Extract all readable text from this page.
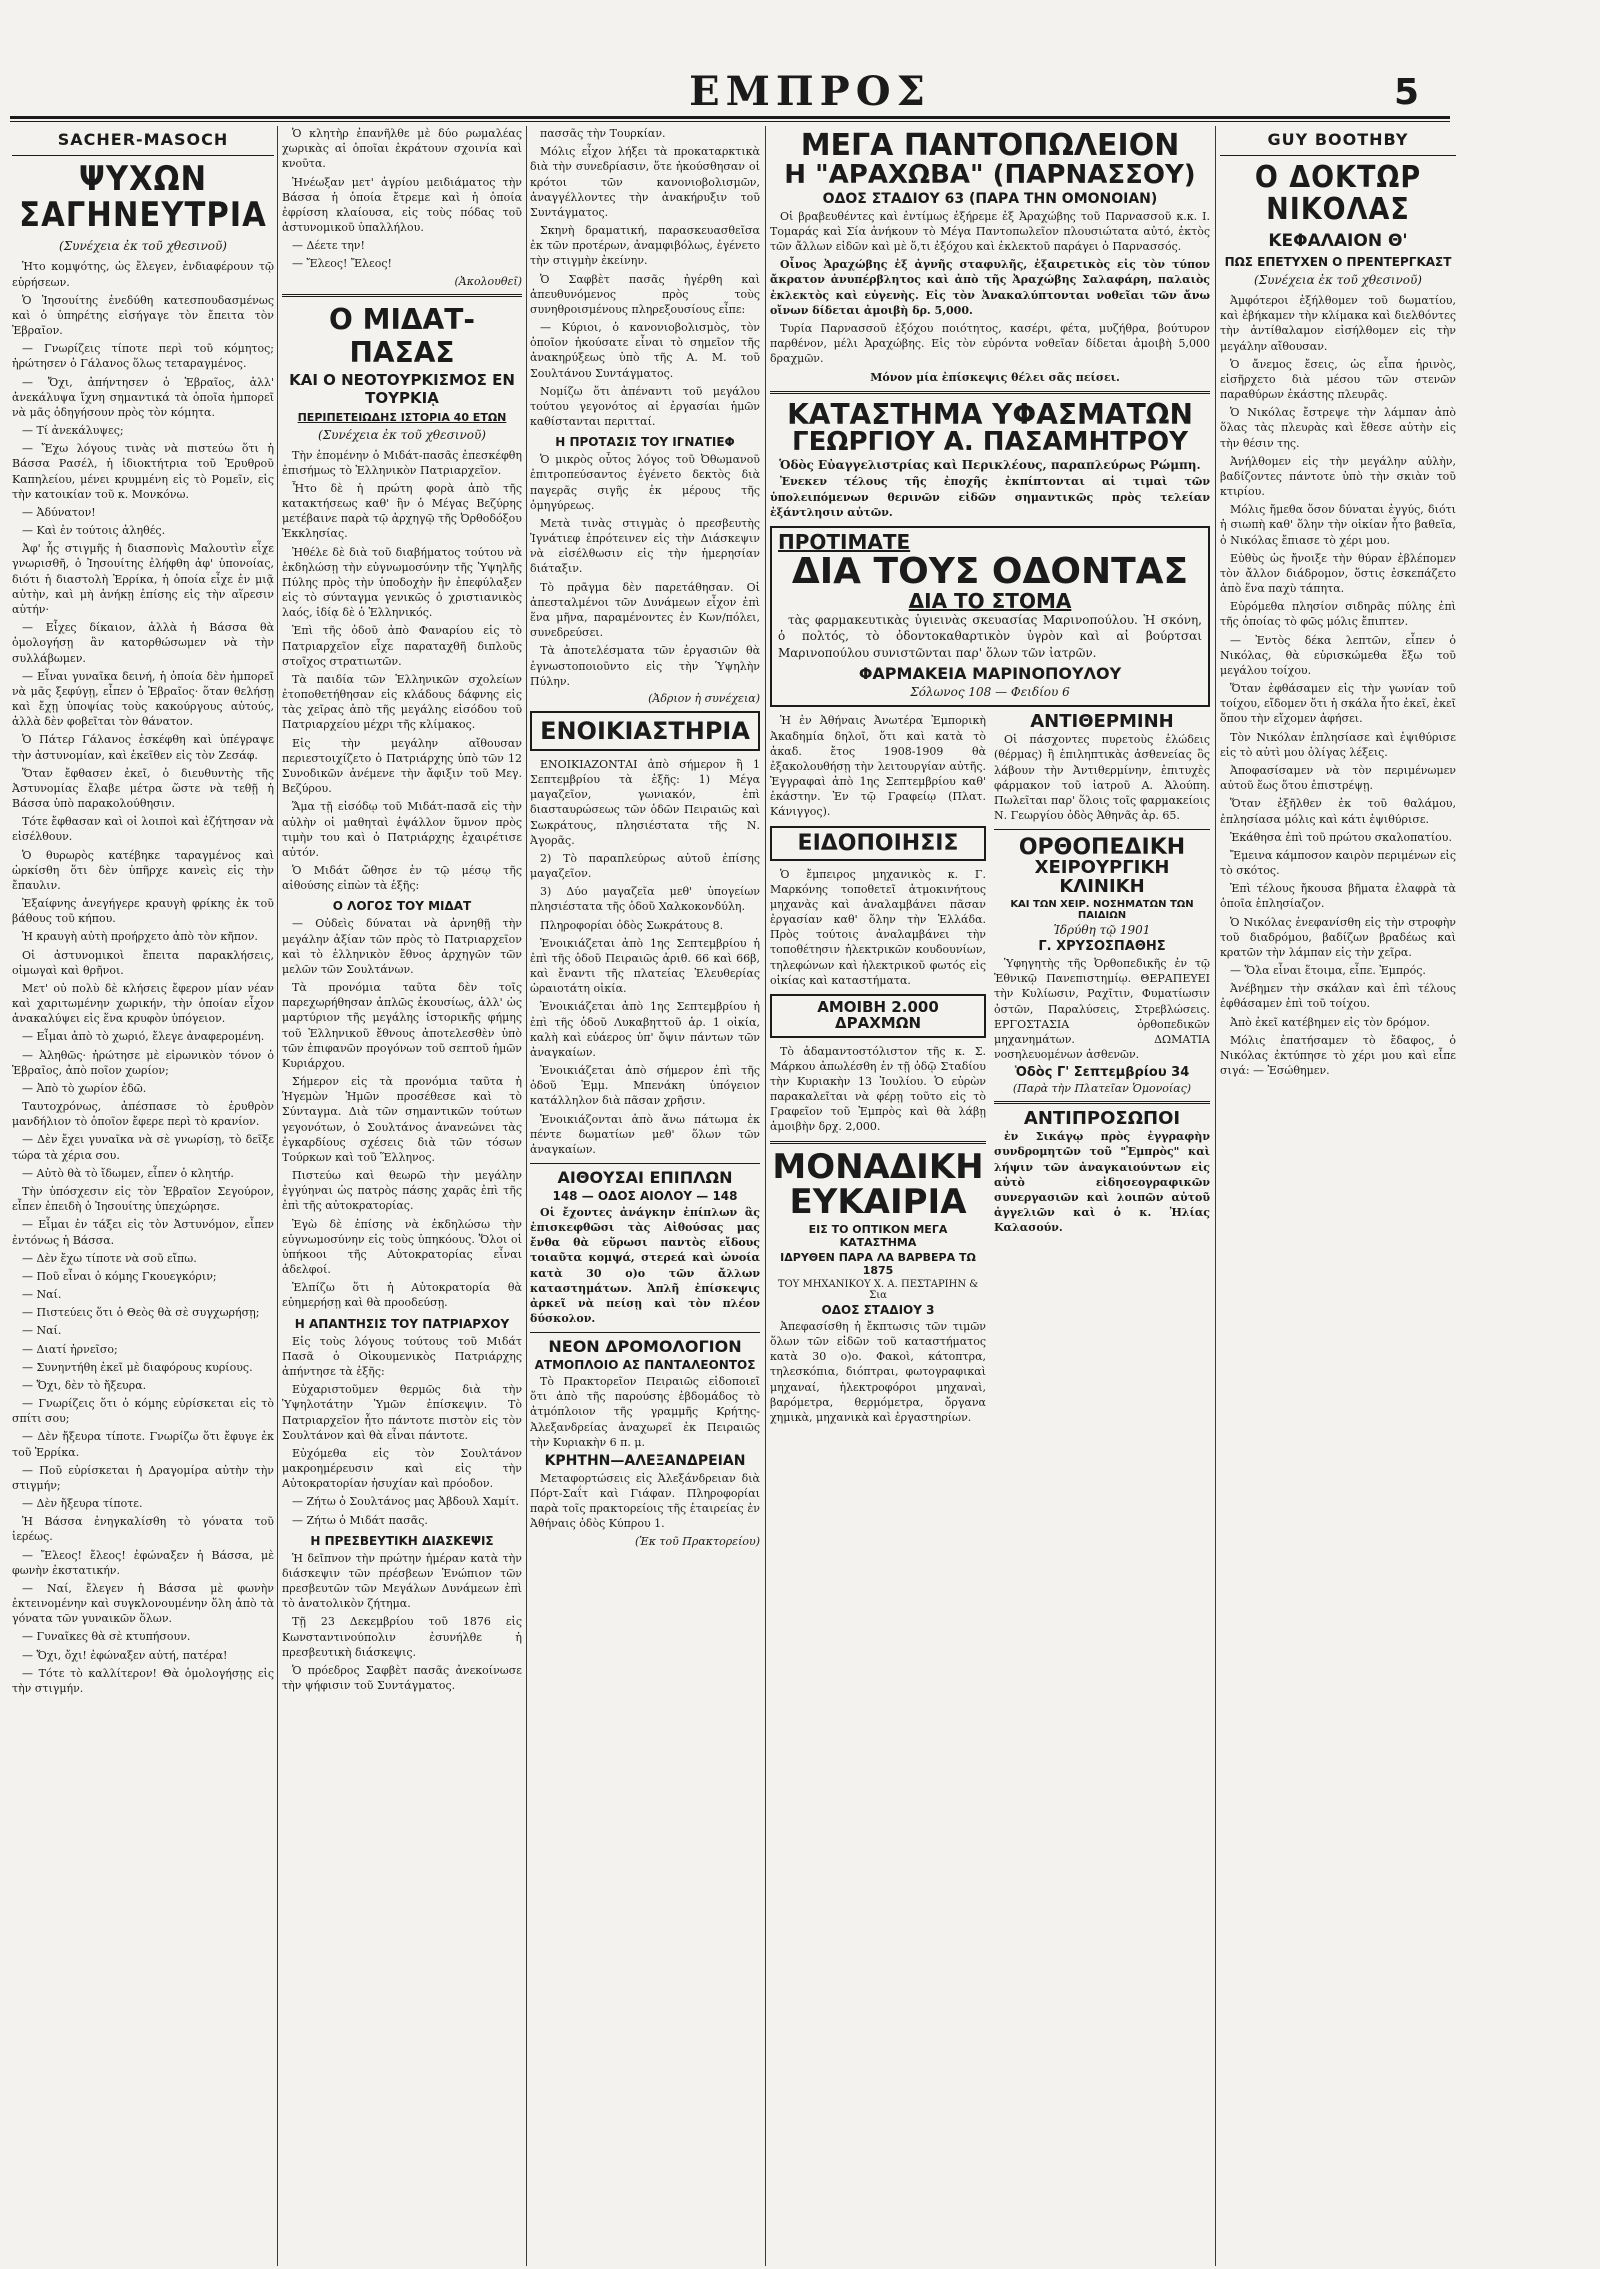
ΕΜΠΡΟΣ	5
SACHER-MASOCH
ΨΥΧΩΝ ΣΑΓΗΝΕΥΤΡΙΑ
(Συνέχεια ἐκ τοῦ χθεσινοῦ)

Ἡτο κομψότης, ὡς ἔλεγεν, ἐνδιαφέρουν τῷ εὑρήσεων.

Ὁ Ἰησουίτης ἐνεδύθη κατεσπουδασμένως καὶ ὁ ὑπηρέτης εἰσήγαγε τὸν ἔπειτα τὸν Ἐβραῖον.

— Γνωρίζεις τίποτε περὶ τοῦ κόμητος; ἠρώτησεν ὁ Γάλανος ὅλως τεταραγμένος.

— Ὄχι, ἀπήντησεν ὁ Ἑβραῖος, ἀλλ' ἀνεκάλυψα ἴχνη σημαντικά τὰ ὁποῖα ἠμπορεῖ νὰ μᾶς ὁδηγήσουν πρὸς τὸν κόμητα.

— Τί ἀνεκάλυψες;

— Ἔχω λόγους τινὰς νὰ πιστεύω ὅτι ἡ Βάσσα Ρασέλ, ἡ ἰδιοκτήτρια τοῦ Ἐρυθροῦ Καπηλείου, μένει κρυμμένη εἰς τὸ Ρομεῖν, εἰς τὴν κατοικίαν τοῦ κ. Μονκόνω.

— Ἀδύνατον!

— Καὶ ἐν τούτοις ἀληθές.

Ἀφ' ἧς στιγμῆς ἡ διασπονὶς Μαλουτὶν εἶχε γνωρισθῆ, ὁ Ἰησουίτης ἐλήφθη ἀφ' ὑπονοίας, διότι ἡ διαστολὴ Ἐρρίκα, ἡ ὁποία εἶχε ἐν μιᾷ αὐτὴν, καὶ μὴ ἀνήκῃ ἐπίσης εἰς τὴν αἵρεσιν αὐτήν·

— Εἶχες δίκαιον, ἀλλὰ ἡ Βάσσα θὰ ὁμολογήσῃ ἂν κατορθώσωμεν νὰ τὴν συλλάβωμεν.

— Εἶναι γυναῖκα δεινή, ἡ ὁποία δὲν ἠμπορεῖ νὰ μᾶς ξεφύγῃ, εἶπεν ὁ Ἑβραῖος· ὅταν θελήσῃ καὶ ἔχῃ ὑποψίας τοὺς κακούργους αὐτούς, ἀλλὰ δὲν φοβεῖται τὸν θάνατον.

Ὁ Πάτερ Γάλανος ἐσκέφθη καὶ ὑπέγραψε τὴν ἀστυνομίαν, καὶ ἐκεῖθεν εἰς τὸν Ζεσάφ.

Ὅταν ἔφθασεν ἐκεῖ, ὁ διευθυντὴς τῆς Ἀστυνομίας ἔλαβε μέτρα ὥστε νὰ τεθῇ ἡ Βάσσα ὑπὸ παρακολούθησιν.

Τότε ἔφθασαν καὶ οἱ λοιποὶ καὶ ἐζήτησαν νὰ εἰσέλθουν.

Ὁ θυρωρὸς κατέβηκε ταραγμένος καὶ ὡρκίσθη ὅτι δὲν ὑπῆρχε κανεὶς εἰς τὴν ἔπαυλιν.

Ἐξαίφνης ἀνεγήγερε κραυγὴ φρίκης ἐκ τοῦ βάθους τοῦ κήπου.

Ἡ κραυγὴ αὐτὴ προήρχετο ἀπὸ τὸν κῆπον.

Οἱ ἀστυνομικοὶ ἔπειτα παρακλήσεις, οἰμωγαὶ καὶ θρῆνοι.

Μετ' οὐ πολὺ δὲ κλήσεις ἔφερον μίαν νέαν καὶ χαριτωμένην χωρικήν, τὴν ὁποίαν εἶχον ἀνακαλύψει εἰς ἕνα κρυφὸν ὑπόγειον.

— Εἶμαι ἀπὸ τὸ χωριό, ἔλεγε ἀναφερομένη.

— Ἀληθῶς· ἠρώτησε μὲ εἰρωνικὸν τόνον ὁ Ἑβραῖος, ἀπὸ ποῖον χωρίον;

— Ἀπὸ τὸ χωρίον ἐδῶ.

Ταυτοχρόνως, ἀπέσπασε τὸ ἐρυθρὸν μανδήλιον τὸ ὁποῖον ἔφερε περὶ τὸ κρανίον.

— Δὲν ἔχει γυναῖκα νὰ σὲ γνωρίσῃ, τὸ δεῖξε τώρα τὰ χέρια σου.

— Αὐτὸ θὰ τὸ ἴδωμεν, εἶπεν ὁ κλητήρ.

Τὴν ὑπόσχεσιν εἰς τὸν Ἐβραῖον Σεγούρον, εἶπεν ἐπειδὴ ὁ Ἰησουίτης ὑπεχώρησε.

— Εἶμαι ἐν τάξει εἰς τὸν Ἀστυνόμον, εἶπεν ἐντόνως ἡ Βάσσα.

— Δὲν ἔχω τίποτε νὰ σοῦ εἴπω.

— Ποῦ εἶναι ὁ κόμης Γκουεγκόριν;

— Ναί.

— Πιστεύεις ὅτι ὁ Θεὸς θὰ σὲ συγχωρήσῃ;

— Ναί.

— Διατί ἠρνεῖσο;

— Συνηντήθη ἐκεῖ μὲ διαφόρους κυρίους.

— Ὄχι, δὲν τὸ ἤξευρα.

— Γνωρίζεις ὅτι ὁ κόμης εὑρίσκεται εἰς τὸ σπίτι σου;

— Δὲν ἤξευρα τίποτε. Γνωρίζω ὅτι ἔφυγε ἐκ τοῦ Ἑρρίκα.

— Ποῦ εὑρίσκεται ἡ Δραγομίρα αὐτὴν τὴν στιγμήν;

— Δὲν ἤξευρα τίποτε.

Ἡ Βάσσα ἐνηγκαλίσθη τὸ γόνατα τοῦ ἱερέως.

— Ἔλεος! ἔλεος! ἐφώναξεν ἡ Βάσσα, μὲ φωνὴν ἐκστατικήν.

— Ναί, ἔλεγεν ἡ Βάσσα μὲ φωνὴν ἐκτεινομένην καὶ συγκλονουμένην ὅλη ἀπὸ τὰ γόνατα τῶν γυναικῶν ὅλων.

— Γυναῖκες θὰ σὲ κτυπήσουν.

— Ὄχι, ὄχι! ἐφώναξεν αὐτή, πατέρα!

— Τότε τὸ καλλίτερον! Θὰ ὁμολογήσῃς εἰς τὴν στιγμήν.

Ὁ κλητὴρ ἐπανῆλθε μὲ δύο ρωμαλέας χωρικὰς αἱ ὁποῖαι ἐκράτουν σχοινία καὶ κνοῦτα.

Ἠνέωξαν μετ' ἀγρίου μειδιάματος τὴν Βάσσα ἡ ὁποία ἔτρεμε καὶ ἡ ὁποία ἐφρίσση κλαίουσα, εἰς τοὺς πόδας τοῦ ἀστυνομικοῦ ὑπαλλήλου.

— Δέετε την!

— Ἔλεος! Ἔλεος!

(Ἀκολουθεῖ)
Ο ΜΙΔΑΤ-ΠΑΣΑΣ
ΚΑΙ Ο ΝΕΟΤΟΥΡΚΙΣΜΟΣ ΕΝ ΤΟΥΡΚΙᾼ
ΠΕΡΙΠΕΤΕΙΩΔΗΣ ΙΣΤΟΡΙΑ 40 ΕΤΩΝ
(Συνέχεια ἐκ τοῦ χθεσινοῦ)

Τὴν ἑπομένην ὁ Μιδάτ-πασᾶς ἐπεσκέφθη ἐπισήμως τὸ Ἑλληνικὸν Πατριαρχεῖον.

Ἦτο δὲ ἡ πρώτη φορὰ ἀπὸ τῆς κατακτήσεως καθ' ἣν ὁ Μέγας Βεζύρης μετέβαινε παρὰ τῷ ἀρχηγῷ τῆς Ὀρθοδόξου Ἐκκλησίας.

Ἠθέλε δὲ διὰ τοῦ διαβήματος τούτου νὰ ἐκδηλώσῃ τὴν εὐγνωμοσύνην τῆς Ὑψηλῆς Πύλης πρὸς τὴν ὑποδοχὴν ἣν ἐπεφύλαξεν εἰς τὸ σύνταγμα γενικῶς ὁ χριστιανικὸς λαός, ἰδίᾳ δὲ ὁ Ἑλληνικός.

Ἐπὶ τῆς ὁδοῦ ἀπὸ Φαναρίου εἰς τὸ Πατριαρχεῖον εἶχε παραταχθῆ διπλοῦς στοῖχος στρατιωτῶν.

Τὰ παιδία τῶν Ἑλληνικῶν σχολείων ἐτοποθετήθησαν εἰς κλάδους δάφνης εἰς τὰς χεῖρας ἀπὸ τῆς μεγάλης εἰσόδου τοῦ Πατριαρχείου μέχρι τῆς κλίμακος.

Εἰς τὴν μεγάλην αἴθουσαν περιεστοιχίζετο ὁ Πατριάρχης ὑπὸ τῶν 12 Συνοδικῶν ἀνέμενε τὴν ἄφιξιν τοῦ Μεγ. Βεζύρου.

Ἅμα τῇ εἰσόδῳ τοῦ Μιδάτ-πασᾶ εἰς τὴν αὐλὴν οἱ μαθηταὶ ἐψάλλον ὕμνον πρὸς τιμὴν του καὶ ὁ Πατριάρχης ἐχαιρέτισε αὐτόν.

Ὁ Μιδάτ ὤθησε ἐν τῷ μέσῳ τῆς αἰθούσης εἰπὼν τὰ ἑξῆς:

Ο ΛΟΓΟΣ ΤΟΥ ΜΙΔΑΤ

— Οὐδεὶς δύναται νὰ ἀρνηθῇ τὴν μεγάλην ἀξίαν τῶν πρὸς τὸ Πατριαρχεῖον καὶ τὸ ἑλληνικὸν ἔθνος ἀρχηγῶν τῶν μελῶν τῶν Σουλτάνων.

Τὰ προνόμια ταῦτα δὲν τοῖς παρεχωρήθησαν ἁπλῶς ἐκουσίως, ἀλλ' ὡς μαρτύριον τῆς μεγάλης ἱστορικῆς φήμης τοῦ Ἑλληνικοῦ ἔθνους ἀποτελεσθὲν ὑπὸ τῶν ἐπιφανῶν προγόνων τοῦ σεπτοῦ ἡμῶν Κυριάρχου.

Σήμερον εἰς τὰ προνόμια ταῦτα ἡ Ἡγεμὼν Ἡμῶν προσέθεσε καὶ τὸ Σύνταγμα. Διὰ τῶν σημαντικῶν τούτων γεγονότων, ὁ Σουλτάνος ἀνανεώνει τὰς ἐγκαρδίους σχέσεις διὰ τῶν τόσων Τούρκων καὶ τοῦ Ἕλληνος.

Πιστεύω καὶ θεωρῶ τὴν μεγάλην ἐγγύηναι ὡς πατρὸς πάσης χαρᾶς ἐπὶ τῆς ἐπὶ τῆς αὐτοκρατορίας.

Ἐγὼ δὲ ἐπίσης νὰ ἐκδηλώσω τὴν εὐγνωμοσύνην εἰς τοὺς ὑπηκόους. Ὅλοι οἱ ὑπήκοοι τῆς Αὐτοκρατορίας εἶναι ἀδελφοί.

Ἐλπίζω ὅτι ἡ Αὐτοκρατορία θὰ εὐημερήσῃ καὶ θὰ προοδεύσῃ.

Η ΑΠΑΝΤΗΣΙΣ ΤΟΥ ΠΑΤΡΙΑΡΧΟΥ

Εἰς τοὺς λόγους τούτους τοῦ Μιδάτ Πασᾶ ὁ Οἰκουμενικὸς Πατριάρχης ἀπήντησε τὰ ἑξῆς:

Εὐχαριστοῦμεν θερμῶς διὰ τὴν Ὑψηλοτάτην Ὑμῶν ἐπίσκεψιν. Τὸ Πατριαρχεῖον ἦτο πάντοτε πιστὸν εἰς τὸν Σουλτάνον καὶ θὰ εἶναι πάντοτε.

Εὐχόμεθα εἰς τὸν Σουλτάνον μακροημέρευσιν καὶ εἰς τὴν Αὐτοκρατορίαν ἡσυχίαν καὶ πρόοδον.

— Ζήτω ὁ Σουλτάνος μας Ἀβδουλ Χαμίτ.

— Ζήτω ὁ Μιδάτ πασᾶς.

Η ΠΡΕΣΒΕΥΤΙΚΗ ΔΙΑΣΚΕΨΙΣ

Ἡ δεῖπνον τὴν πρώτην ἡμέραν κατὰ τὴν διάσκεψιν τῶν πρέσβεων Ἐνώπιον τῶν πρεσβευτῶν τῶν Μεγάλων Δυνάμεων ἐπὶ τὸ ἀνατολικὸν ζήτημα.

Τῇ 23 Δεκεμβρίου τοῦ 1876 εἰς Κωνσταντινούπολιν ἐσυνήλθε ἡ πρεσβευτικὴ διάσκεψις.

Ὁ πρόεδρος Σαφβὲτ πασᾶς ἀνεκοίνωσε τὴν ψήφισιν τοῦ Συντάγματος.

πασσᾶς τὴν Τουρκίαν.

Μόλις εἶχον λήξει τὰ προκαταρκτικὰ διὰ τὴν συνεδρίασιν, ὅτε ἠκούσθησαν οἱ κρότοι τῶν κανονιοβολισμῶν, ἀναγγέλλοντες τὴν ἀνακήρυξιν τοῦ Συντάγματος.

Σκηνὴ δραματική, παρασκευασθεῖσα ἐκ τῶν προτέρων, ἀναμφιβόλως, ἐγένετο τὴν στιγμὴν ἐκείνην.

Ὁ Σαφβὲτ πασᾶς ἠγέρθη καὶ ἀπευθυνόμενος πρὸς τοὺς συνηθροισμένους πληρεξουσίους εἶπε:

— Κύριοι, ὁ κανονιοβολισμὸς, τὸν ὁποῖον ἠκούσατε εἶναι τὸ σημεῖον τῆς ἀνακηρύξεως ὑπὸ τῆς Α. Μ. τοῦ Σουλτάνου Συντάγματος.

Νομίζω ὅτι ἀπέναντι τοῦ μεγάλου τούτου γεγονότος αἱ ἐργασίαι ἡμῶν καθίστανται περιτταί.

Η ΠΡΟΤΑΣΙΣ ΤΟΥ ΙΓΝΑΤΙΕΦ

Ὁ μικρὸς οὗτος λόγος τοῦ Ὀθωμανοῦ ἐπιτροπεύσαντος ἐγένετο δεκτὸς διὰ παγερᾶς σιγῆς ἐκ μέρους τῆς ὁμηγύρεως.

Μετὰ τινὰς στιγμὰς ὁ πρεσβευτὴς Ἰγνάτιεφ ἐπρότεινεν εἰς τὴν Διάσκεψιν νὰ εἰσέλθωσιν εἰς τὴν ἡμερησίαν διάταξιν.

Τὸ πρᾶγμα δὲν παρετάθησαν. Οἱ ἀπεσταλμένοι τῶν Δυνάμεων εἶχον ἐπὶ ἕνα μῆνα, παραμένοντες ἐν Κων/πόλει, συνεδρεύσει.

Τὰ ἀποτελέσματα τῶν ἐργασιῶν θὰ ἐγνωστοποιοῦντο εἰς τὴν Ὑψηλὴν Πύλην.

(Ἀδριον ἡ συνέχεια)
ΕΝΟΙΚΙΑΣΤΗΡΙΑ

ΕΝΟΙΚΙΑΖΟΝΤΑΙ ἀπὸ σήμερον ἢ 1 Σεπτεμβρίου τὰ ἑξῆς: 1) Μέγα μαγαζεῖον, γωνιακόν, ἐπὶ διασταυρώσεως τῶν ὁδῶν Πειραιῶς καὶ Σωκράτους, πλησιέστατα τῆς Ν. Ἀγορᾶς.

2) Τὸ παραπλεύρως αὐτοῦ ἐπίσης μαγαζεῖον.

3) Δύο μαγαζεῖα μεθ' ὑπογείων πλησιέστατα τῆς ὁδοῦ Χαλκοκονδύλη.

Πληροφορίαι ὁδὸς Σωκράτους 8.

Ἐνοικιάζεται ἀπὸ 1ης Σεπτεμβρίου ἡ ἐπὶ τῆς ὁδοῦ Πειραιῶς ἀριθ. 66 καὶ 66β, καὶ ἔναντι τῆς πλατείας Ἐλευθερίας ὡραιοτάτη οἰκία.

Ἐνοικιάζεται ἀπὸ 1ης Σεπτεμβρίου ἡ ἐπὶ τῆς ὁδοῦ Λυκαβηττοῦ ἀρ. 1 οἰκία, καλὴ καὶ εὐάερος ὑπ' ὄψιν πάντων τῶν ἀναγκαίων.

Ἐνοικιάζεται ἀπὸ σήμερον ἐπὶ τῆς ὁδοῦ Ἐμμ. Μπενάκη ὑπόγειον κατάλληλον διὰ πᾶσαν χρῆσιν.

Ἐνοικιάζονται ἀπὸ ἄνω πάτωμα ἐκ πέντε δωματίων μεθ' ὅλων τῶν ἀναγκαίων.

ΑΙΘΟΥΣΑΙ ΕΠΙΠΛΩΝ
148 — ΟΔΟΣ ΑΙΟΛΟΥ — 148

Οἱ ἔχοντες ἀνάγκην ἐπίπλων ἃς ἐπισκεφθῶσι τὰς Αἰθούσας μας ἔνθα θὰ εὕρωσι παντὸς εἴδους τοιαῦτα κομψά, στερεά καὶ ὠνοία κατὰ 30 ο)ο τῶν ἄλλων καταστημάτων. Ἀπλῆ ἐπίσκεψις ἀρκεῖ νὰ πείσῃ καὶ τὸν πλέον δύσκολον.

ΝΕΟΝ ΔΡΟΜΟΛΟΓΙΟΝ
ΑΤΜΟΠΛΟΙΟ ΑΣ ΠΑΝΤΑΛΕΟΝΤΟΣ

Τὸ Πρακτορεῖον Πειραιῶς εἰδοποιεῖ ὅτι ἀπὸ τῆς παρούσης ἑβδομάδος τὸ ἀτμόπλοιον τῆς γραμμῆς Κρήτης-Ἀλεξανδρείας ἀναχωρεῖ ἐκ Πειραιῶς τὴν Κυριακὴν 6 π. μ.

ΚΡΗΤΗΝ—ΑΛΕΞΑΝΔΡΕΙΑΝ

Μεταφορτώσεις εἰς Ἀλεξάνδρειαν διὰ Πόρτ-Σαΐτ καὶ Γιάφαν. Πληροφορίαι παρὰ τοῖς πρακτορείοις τῆς ἑταιρείας ἐν Ἀθήναις ὁδὸς Κύπρου 1.

(Ἐκ τοῦ Πρακτορείου)
ΜΕΓΑ ΠΑΝΤΟΠΩΛΕΙΟΝ
Η "ΑΡΑΧΩΒΑ" (ΠΑΡΝΑΣΣΟΥ)
ΟΔΟΣ ΣΤΑΔΙΟΥ 63 (ΠΑΡΑ ΤΗΝ ΟΜΟΝΟΙΑΝ)

Οἱ βραβευθέντες καὶ ἐντίμως ἐξήρεμε ἐξ Ἀραχώβης τοῦ Παρνασσοῦ κ.κ. Ι. Τομαράς καὶ Σία ἀνήκουν τὸ Μέγα Παντοπωλεῖον πλουσιώτατα αὐτό, ἐκτὸς τῶν ἄλλων εἰδῶν καὶ μὲ ὅ,τι ἐξόχου καὶ ἐκλεκτοῦ παράγει ὁ Παρνασσός.

Οἶνος Ἀραχώβης ἐξ ἀγνῆς σταφυλῆς, ἐξαιρετικὸς εἰς τὸν τύπον ἄκρατον ἀνυπέρβλητος καὶ ἀπὸ τῆς Ἀραχώβης Σαλαφάρη, παλαιὸς ἐκλεκτὸς καὶ εὐγενὴς. Εἰς τὸν Ἀνακαλύπτονται νοθεῖαι τῶν ἄνω οἴνων δίδεται ἀμοιβὴ δρ. 5,000.

Τυρία Παρνασσοῦ ἐξόχου ποιότητος, κασέρι, φέτα, μυζήθρα, βούτυρον παρθένον, μέλι Ἀραχώβης. Εἰς τὸν εὑρόντα νοθεῖαν δίδεται ἀμοιβὴ 5,000 δραχμῶν.

Μόνον μία ἐπίσκεψις θέλει σᾶς πείσει.

ΚΑΤΑΣΤΗΜΑ ΥΦΑΣΜΑΤΩΝ
ΓΕΩΡΓΙΟΥ Α. ΠΑΣΑΜΗΤΡΟΥ
Ὁδὸς Εὐαγγελιστρίας καὶ Περικλέους, παραπλεύρως Ρώμπη.

Ἐνεκεν τέλους τῆς ἐποχῆς ἐκπίπτονται αἱ τιμαὶ τῶν ὑπολειπόμενων θερινῶν εἰδῶν σημαντικῶς πρὸς τελείαν ἐξάντλησιν αὐτῶν.

ΠΡΟΤΙΜΑΤΕ
ΔΙΑ ΤΟΥΣ ΟΔΟΝΤΑΣ
ΔΙΑ ΤΟ ΣΤΟΜΑ

τὰς φαρμακευτικὰς ὑγιεινὰς σκευασίας Μαρινοπούλου. Ἡ σκόνη, ὁ πολτός, τὸ ὀδοντοκαθαρτικὸν ὑγρὸν καὶ αἱ βούρτσαι Μαρινοπούλου συνιστῶνται παρ' ὅλων τῶν ἰατρῶν.

ΦΑΡΜΑΚΕΙΑ ΜΑΡΙΝΟΠΟΥΛΟΥ
Σόλωνος 108 — Φειδίου 6

Ἡ ἐν Ἀθήναις Ἀνωτέρα Ἐμπορικὴ Ἀκαδημία δηλοῖ, ὅτι καὶ κατὰ τὸ ἀκαδ. ἔτος 1908-1909 θὰ ἐξακολουθήσῃ τὴν λειτουργίαν αὐτῆς. Ἐγγραφαὶ ἀπὸ 1ης Σεπτεμβρίου καθ' ἑκάστην. Ἐν τῷ Γραφείῳ (Πλατ. Κάνιγγος).

ΕΙΔΟΠΟΙΗΣΙΣ

Ὁ ἔμπειρος μηχανικὸς κ. Γ. Μαρκόνης τοποθετεῖ ἀτμοκινήτους μηχανὰς καὶ ἀναλαμβάνει πᾶσαν ἐργασίαν καθ' ὅλην τὴν Ἑλλάδα. Πρὸς τούτοις ἀναλαμβάνει τὴν τοποθέτησιν ἠλεκτρικῶν κουδουνίων, τηλεφώνων καὶ ἠλεκτρικοῦ φωτός εἰς οἰκίας καὶ καταστήματα.

ΑΜΟΙΒΗ 2.000 ΔΡΑΧΜΩΝ

Τὸ ἀδαμαντοστόλιστον τῆς κ. Σ. Μάρκου ἀπωλέσθη ἐν τῇ ὁδῷ Σταδίου τὴν Κυριακὴν 13 Ἰουλίου. Ὁ εὑρὼν παρακαλεῖται νὰ φέρῃ τοῦτο εἰς τὸ Γραφεῖον τοῦ Ἐμπρὸς καὶ θὰ λάβῃ ἀμοιβὴν δρχ. 2,000.

ΜΟΝΑΔΙΚΗ
ΕΥΚΑΙΡΙΑ
ΕΙΣ ΤΟ ΟΠΤΙΚΟΝ ΜΕΓΑ ΚΑΤΑΣΤΗΜΑ
ΙΔΡΥΘΕΝ ΠΑΡΑ ΛΑ ΒΑΡΒΕΡΑ ΤΩ 1875
ΤΟΥ ΜΗΧΑΝΙΚΟΥ Χ. Α. ΠΕΣΤΑΡΙΗΝ & Σια
ΟΔΟΣ ΣΤΑΔΙΟΥ 3

Ἀπεφασίσθη ἡ ἔκπτωσις τῶν τιμῶν ὅλων τῶν εἰδῶν τοῦ καταστήματος κατὰ 30 ο)ο. Φακοὶ, κάτοπτρα, τηλεσκόπια, διόπτραι, φωτογραφικαὶ μηχαναί, ἠλεκτροφόροι μηχαναὶ, βαρόμετρα, θερμόμετρα, ὄργανα χημικὰ, μηχανικὰ καὶ ἐργαστηρίων.

ΑΝΤΙΘΕΡΜΙΝΗ

Οἱ πάσχοντες πυρετοὺς ἑλώδεις (θέρμας) ἢ ἐπιληπτικὰς ἀσθενείας ὃς λάβουν τὴν Ἀντιθερμίνην, ἐπιτυχὲς φάρμακον τοῦ ἰατροῦ Α. Ἀλούπη. Πωλεῖται παρ' ὅλοις τοῖς φαρμακείοις Ν. Γεωργίου ὁδὸς Ἀθηνᾶς ἀρ. 65.

ΟΡΘΟΠΕΔΙΚΗ
ΧΕΙΡΟΥΡΓΙΚΗ ΚΛΙΝΙΚΗ
ΚΑΙ ΤΩΝ ΧΕΙΡ. ΝΟΣΗΜΑΤΩΝ ΤΩΝ ΠΑΙΔΙΩΝ
Ἱδρύθη τῷ 1901
Γ. ΧΡΥΣΟΣΠΑΘΗΣ

Ὑφηγητὴς τῆς Ὀρθοπεδικῆς ἐν τῷ Ἐθνικῷ Πανεπιστημίῳ. ΘΕΡΑΠΕΥΕΙ τὴν Κυλίωσιν, Ραχῖτιν, Φυματίωσιν ὀστῶν, Παραλύσεις, Στρεβλώσεις. ΕΡΓΟΣΤΑΣΙΑ ὀρθοπεδικῶν μηχανημάτων. ΔΩΜΑΤΙΑ νοσηλευομένων ἀσθενῶν.

Ὁδὸς Γ' Σεπτεμβρίου 34
(Παρὰ τὴν Πλατεῖαν Ὁμονοίας)
ΑΝΤΙΠΡΟΣΩΠΟΙ

ἐν Σικάγῳ πρὸς ἐγγραφὴν συνδρομητῶν τοῦ "Ἐμπρὸς" καὶ λήψιν τῶν ἀναγκαιούντων εἰς αὐτὸ εἰδησεογραφικῶν συνεργασιῶν καὶ λοιπῶν αὐτοῦ ἀγγελιῶν καὶ ὁ κ. Ἠλίας Καλασούν.

GUY BOOTHBY
Ο ΔΟΚΤΩΡ ΝΙΚΟΛΑΣ
ΚΕΦΑΛΑΙΟΝ Θ'
ΠΩΣ ΕΠΕΤΥΧΕΝ Ο ΠΡΕΝΤΕΡΓΚΑΣΤ
(Συνέχεια ἐκ τοῦ χθεσινοῦ)

Ἀμφότεροι ἐξήλθομεν τοῦ δωματίου, καὶ ἐβήκαμεν τὴν κλίμακα καὶ διελθόντες τὴν ἀντίθαλαμον εἰσήλθομεν εἰς τὴν μεγάλην αἴθουσαν.

Ὁ ἄνεμος ἔσεις, ὡς εἶπα ἠρινὸς, εἰσῆρχετο διὰ μέσου τῶν στενῶν παραθύρων ἐκάστης πλευρᾶς.

Ὁ Νικόλας ἔστρεψε τὴν λάμπαν ἀπὸ ὅλας τὰς πλευρὰς καὶ ἔθεσε αὐτὴν εἰς τὴν θέσιν της.

Ἀνήλθομεν εἰς τὴν μεγάλην αὐλὴν, βαδίζοντες πάντοτε ὑπὸ τὴν σκιὰν τοῦ κτιρίου.

Μόλις ἤμεθα ὅσον δύναται ἐγγύς, διότι ἡ σιωπὴ καθ' ὅλην τὴν οἰκίαν ἦτο βαθεῖα, ὁ Νικόλας ἔπιασε τὸ χέρι μου.

Εὐθὺς ὡς ἤνοιξε τὴν θύραν ἐβλέπομεν τὸν ἄλλον διάδρομον, ὅστις ἐσκεπάζετο ἀπὸ ἕνα παχὺ τάπητα.

Εὑρόμεθα πλησίον σιδηρᾶς πύλης ἐπὶ τῆς ὁποίας τὸ φῶς μόλις ἔπιπτεν.

— Ἐντὸς δέκα λεπτῶν, εἶπεν ὁ Νικόλας, θὰ εὑρισκώμεθα ἔξω τοῦ μεγάλου τοίχου.

Ὅταν ἐφθάσαμεν εἰς τὴν γωνίαν τοῦ τοίχου, εἴδομεν ὅτι ἡ σκάλα ἦτο ἐκεῖ, ἐκεῖ ὅπου τὴν εἴχομεν ἀφήσει.

Τὸν Νικόλαν ἐπλησίασε καὶ ἐψιθύρισε εἰς τὸ αὐτὶ μου ὀλίγας λέξεις.

Ἀποφασίσαμεν νὰ τὸν περιμένωμεν αὐτοῦ ἕως ὅτου ἐπιστρέψῃ.

Ὅταν ἐξῆλθεν ἐκ τοῦ θαλάμου, ἐπλησίασα μόλις καὶ κάτι ἐψιθύρισε.

Ἐκάθησα ἐπὶ τοῦ πρώτου σκαλοπατίου.

Ἔμεινα κάμποσον καιρὸν περιμένων εἰς τὸ σκότος.

Ἐπὶ τέλους ἤκουσα βῆματα ἐλαφρὰ τὰ ὁποῖα ἐπλησίαζον.

Ὁ Νικόλας ἐνεφανίσθη εἰς τὴν στροφὴν τοῦ διαδρόμου, βαδίζων βραδέως καὶ κρατῶν τὴν λάμπαν εἰς τὴν χεῖρα.

— Ὅλα εἶναι ἕτοιμα, εἶπε. Ἐμπρός.

Ἀνέβημεν τὴν σκάλαν καὶ ἐπὶ τέλους ἐφθάσαμεν ἐπὶ τοῦ τοίχου.

Ἀπὸ ἐκεῖ κατέβημεν εἰς τὸν δρόμον.

Μόλις ἐπατήσαμεν τὸ ἔδαφος, ὁ Νικόλας ἐκτύπησε τὸ χέρι μου καὶ εἶπε σιγά: — Ἐσώθημεν.
